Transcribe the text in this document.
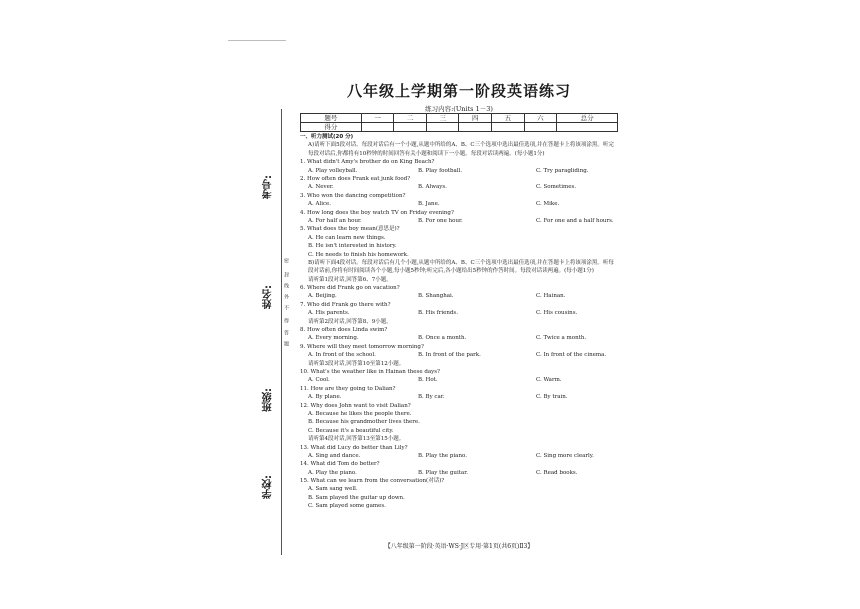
八年级上学期第一阶段英语练习
练习内容:(Units 1－3)
题号	一	二	三	四	五	六	总分
得分							
考号:
姓名:
班级:
学校:
密
封
线
外
不
得
答
题
一、听力测试(20 分)
A)请听下面5段对话。每段对话后有一个小题,从题中所给的A、B、C三个选项中选出最佳选项,并在答题卡上将该项涂黑。听完每段对话后,你都将有10秒钟的时间回答有关小题和阅读下一小题。每段对话读两遍。(每小题1分)
1. What didn't Amy's brother do on King Beach?
A. Play volleyball.	B. Play football.	C. Try paragliding.
2. How often does Frank eat junk food?
A. Never.	B. Always.	C. Sometimes.
3. Who won the dancing competition?
A. Alice.	B. Jane.	C. Mike.
4. How long does the boy watch TV on Friday evening?
A. For half an hour.	B. For one hour.	C. For one and a half hours.
5. What does the boy mean(意思是)?
A. He can learn new things.
B. He isn't interested in history.
C. He needs to finish his homework.
B)请听下面4段对话。每段对话后有几个小题,从题中所给的A、B、C三个选项中选出最佳选项,并在答题卡上将该项涂黑。听每段对话前,你将有时间阅读各个小题,每小题5秒钟;听完后,各小题给出5秒钟的作答时间。每段对话读两遍。(每小题1分)
请听第1段对话,回答第6、7小题。
6. Where did Frank go on vacation?
A. Beijing.	B. Shanghai.	C. Hainan.
7. Who did Frank go there with?
A. His parents.	B. His friends.	C. His cousins.
请听第2段对话,回答第8、9小题。
8. How often does Linda swim?
A. Every morning.	B. Once a month.	C. Twice a month.
9. Where will they meet tomorrow morning?
A. In front of the school.	B. In front of the park.	C. In front of the cinema.
请听第3段对话,回答第10至第12小题。
10. What's the weather like in Hainan these days?
A. Cool.	B. Hot.	C. Warm.
11. How are they going to Dalian?
A. By plane.	B. By car.	C. By train.
12. Why does John want to visit Dalian?
A. Because he likes the people there.
B. Because his grandmother lives there.
C. Because it's a beautiful city.
请听第4段对话,回答第13至第15小题。
13. What did Lucy do better than Lily?
A. Sing and dance.	B. Play the piano.	C. Sing more clearly.
14. What did Tom do better?
A. Play the piano.	B. Play the guitar.	C. Read books.
15. What can we learn from the conversation(对话)?
A. Sam sang well.
B. Sam played the guitar up down.
C. Sam played some games.
【八年级第一阶段·英语·WS·J区专用·第1页(共6页)Ⅱ3】
